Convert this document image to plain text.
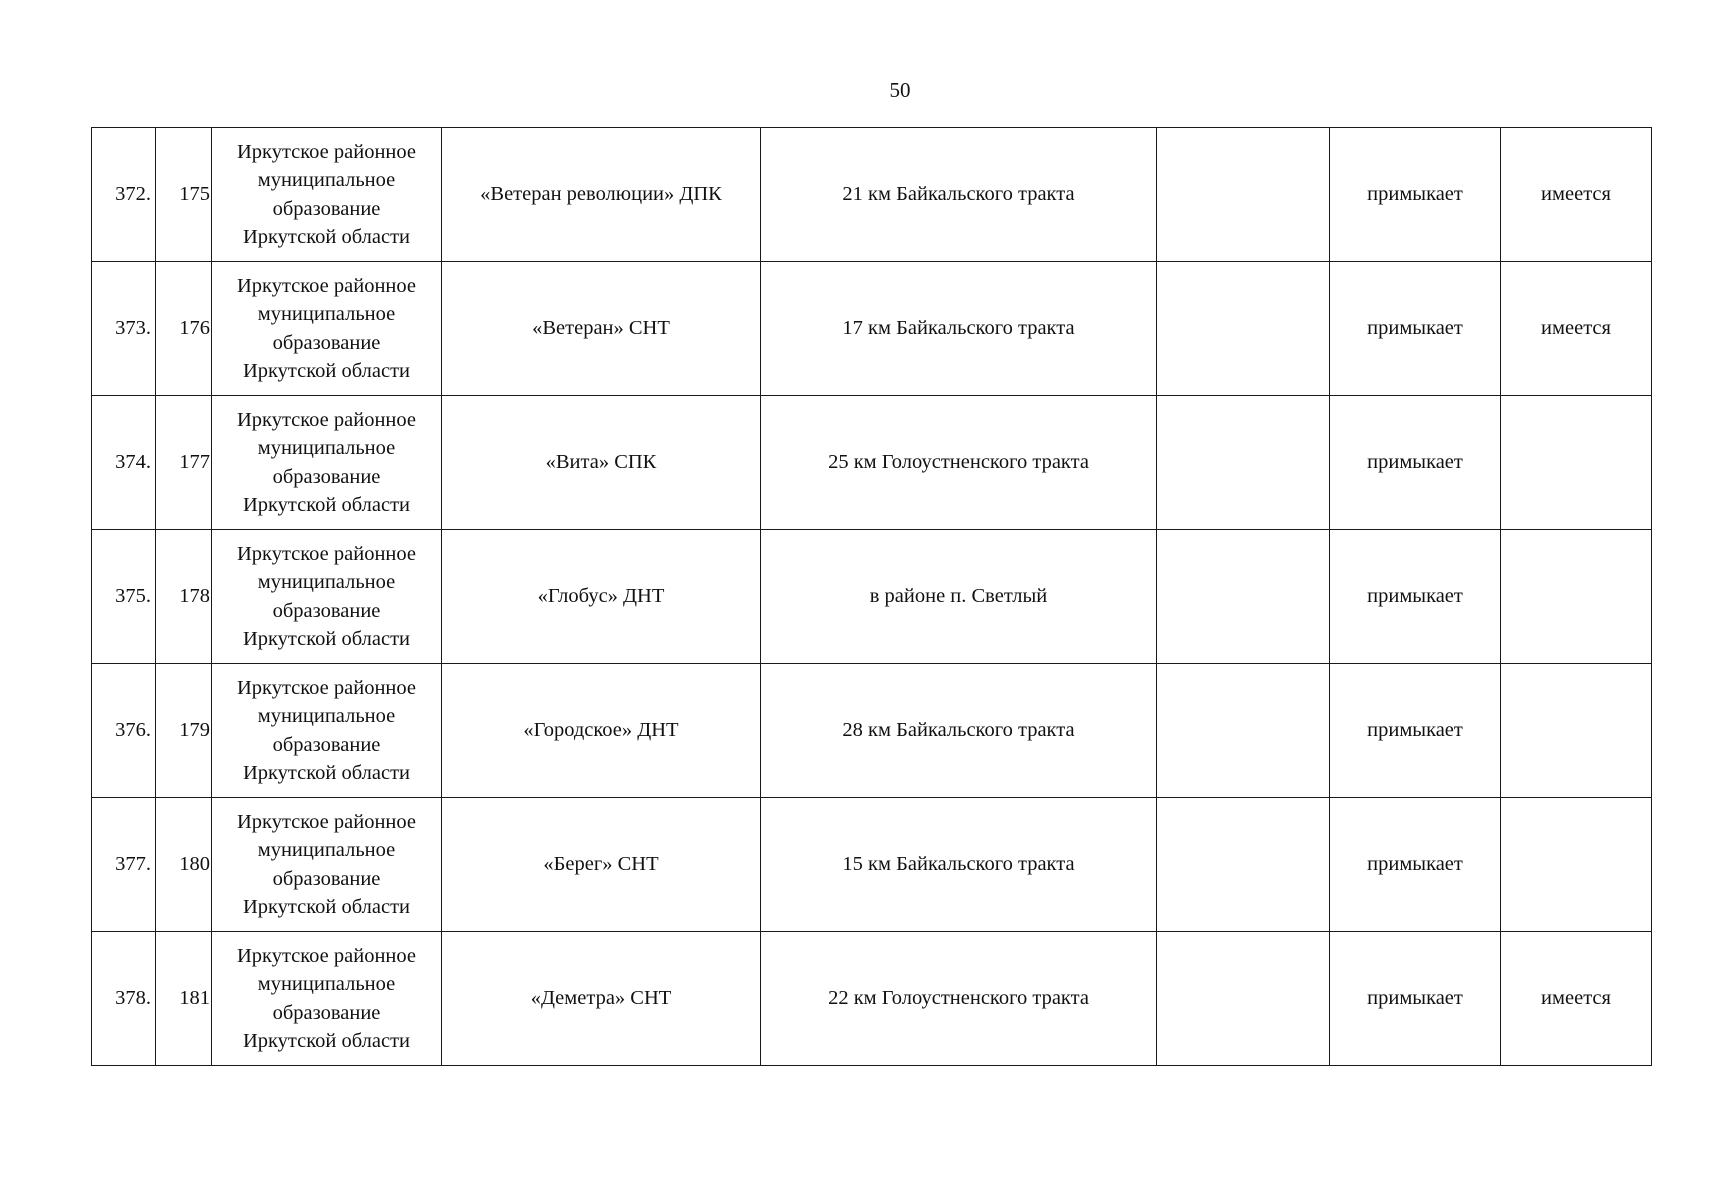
50
372.	175	Иркутское районное
муниципальное
образование
Иркутской области	«Ветеран революции» ДПК	21 км Байкальского тракта		примыкает	имеется
373.	176	Иркутское районное
муниципальное
образование
Иркутской области	«Ветеран» СНТ	17 км Байкальского тракта		примыкает	имеется
374.	177	Иркутское районное
муниципальное
образование
Иркутской области	«Вита» СПК	25 км Голоустненского тракта		примыкает	
375.	178	Иркутское районное
муниципальное
образование
Иркутской области	«Глобус» ДНТ	в районе п. Светлый		примыкает	
376.	179	Иркутское районное
муниципальное
образование
Иркутской области	«Городское» ДНТ	28 км Байкальского тракта		примыкает	
377.	180	Иркутское районное
муниципальное
образование
Иркутской области	«Берег» СНТ	15 км Байкальского тракта		примыкает	
378.	181	Иркутское районное
муниципальное
образование
Иркутской области	«Деметра» СНТ	22 км Голоустненского тракта		примыкает	имеется
